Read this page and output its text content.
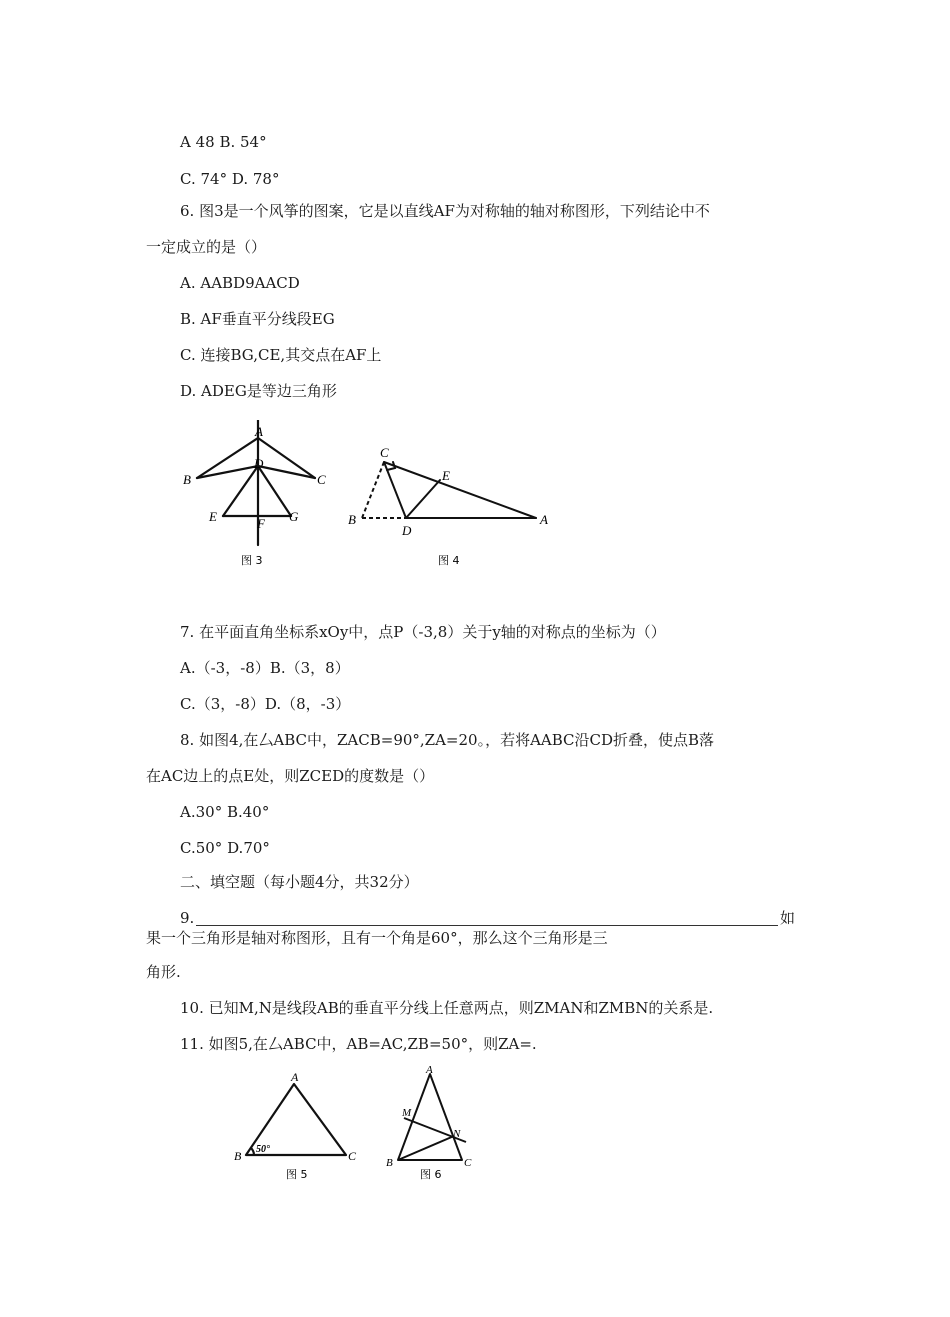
A 48 B. 54°
C. 74° D. 78°
6. 图3是一个风筝的图案，它是以直线AF为对称轴的轴对称图形，下列结论中不
一定成立的是（）
A. AABD9AACD
B. AF垂直平分线段EG
C. 连接BG,CE,其交点在AF上
D. ADEG是等边三角形
A
B	C
D
E	F G
图 3
C
E
B
D
A
图 4
7. 在平面直角坐标系xOy中，点P（-3,8）关于y轴的对称点的坐标为（）
A.（-3，-8）B.（3，8）
C.（3，-8）D.（8，-3）
8. 如图4,在厶ABC中，ZACB=90°,ZA=20。，若将AABC沿CD折叠，使点B落
在AC边上的点E处，则ZCED的度数是（）
A.30° B.40°
C.50° D.70°
二、填空题（每小题4分，共32分）
9.	如
果一个三角形是轴对称图形，且有一个角是60°，那么这个三角形是三
角形.
10. 已知M,N是线段AB的垂直平分线上任意两点，则ZMAN和ZMBN的关系是.
11. 如图5,在厶ABC中，AB=AC,ZB=50°，则ZA=.
A
B	C
50°
图 5
A
M
N
B	C
图 6
